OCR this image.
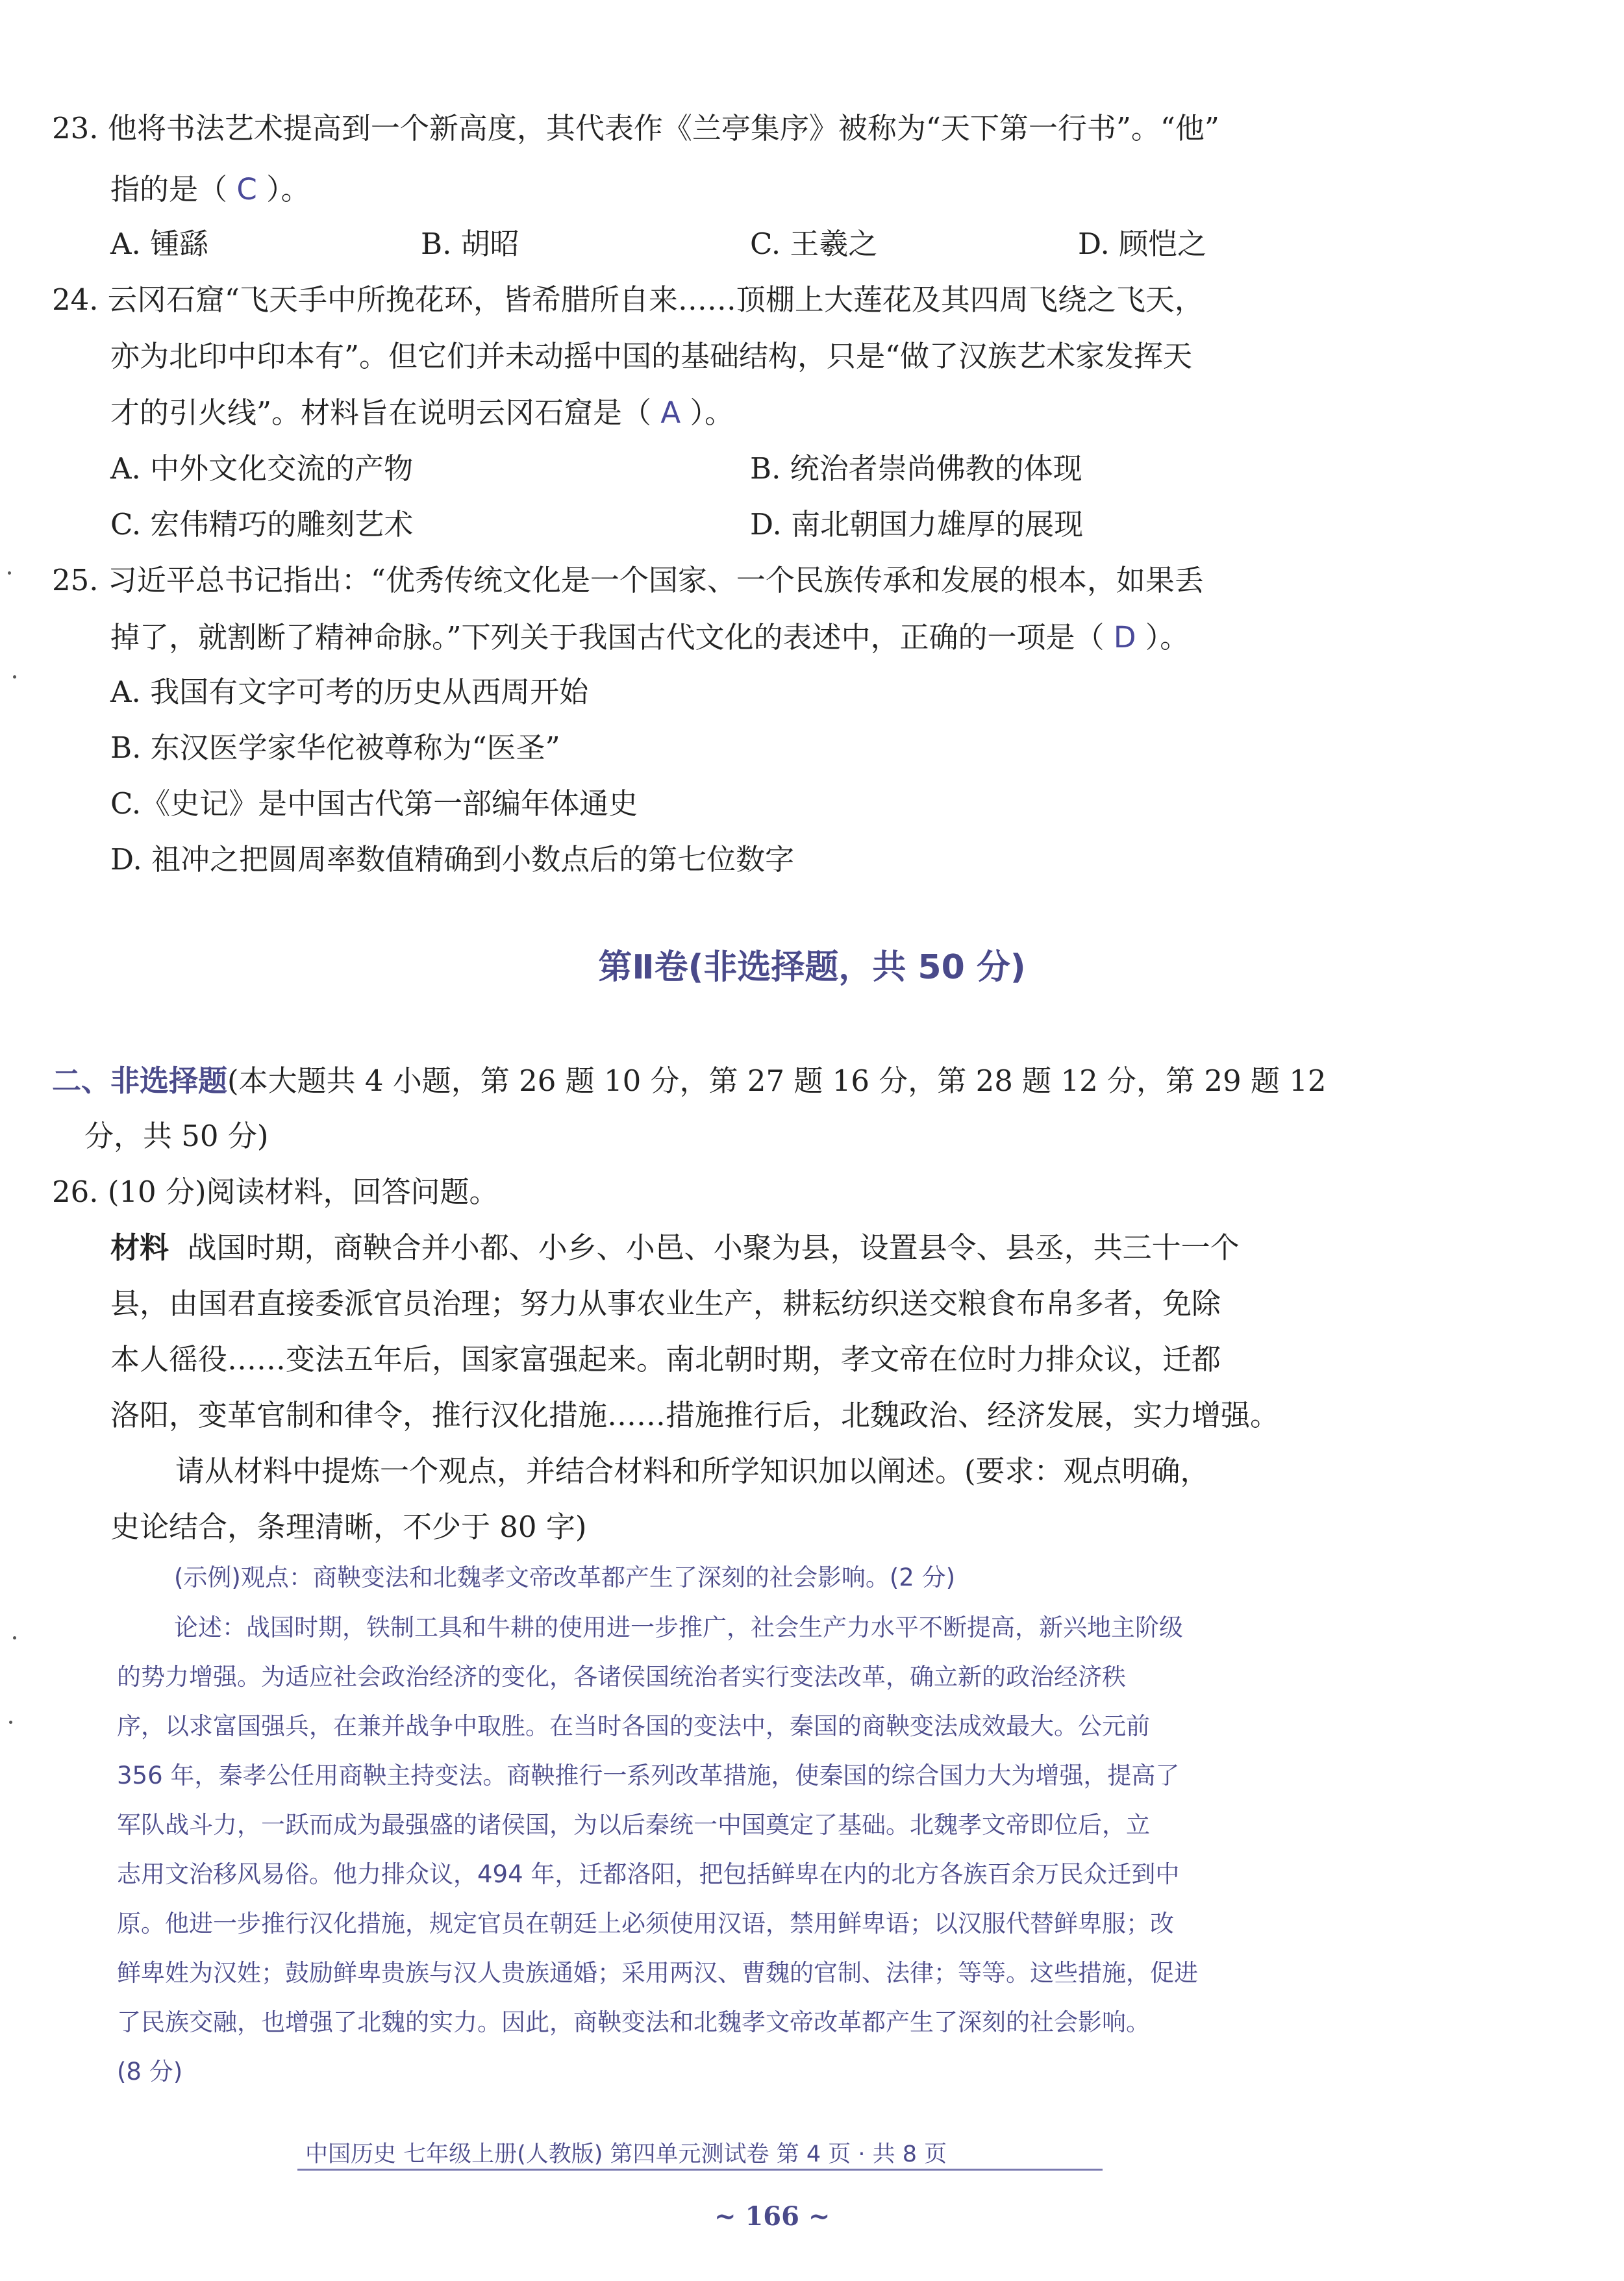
23. 他将书法艺术提高到一个新高度，其代表作《兰亭集序》被称为“天下第一行书”。“他”
指的是（ C ）。
A. 锺繇	B. 胡昭	C. 王羲之	D. 顾恺之
24. 云冈石窟“飞天手中所挽花环，皆希腊所自来……顶棚上大莲花及其四周飞绕之飞天，
亦为北印中印本有”。但它们并未动摇中国的基础结构，只是“做了汉族艺术家发挥天
才的引火线”。材料旨在说明云冈石窟是（ A ）。
A. 中外文化交流的产物	B. 统治者崇尚佛教的体现
C. 宏伟精巧的雕刻艺术	D. 南北朝国力雄厚的展现
25. 习近平总书记指出：“优秀传统文化是一个国家、一个民族传承和发展的根本，如果丢
掉了，就割断了精神命脉。”下列关于我国古代文化的表述中，正确的一项是（ D ）。
A. 我国有文字可考的历史从西周开始
B. 东汉医学家华佗被尊称为“医圣”
C.《史记》是中国古代第一部编年体通史
D. 祖冲之把圆周率数值精确到小数点后的第七位数字
第Ⅱ卷(非选择题，共 50 分)
二、非选择题(本大题共 4 小题，第 26 题 10 分，第 27 题 16 分，第 28 题 12 分，第 29 题 12
分，共 50 分)
26. (10 分)阅读材料，回答问题。
材料 战国时期，商鞅合并小都、小乡、小邑、小聚为县，设置县令、县丞，共三十一个
县，由国君直接委派官员治理；努力从事农业生产，耕耘纺织送交粮食布帛多者，免除
本人徭役……变法五年后，国家富强起来。南北朝时期，孝文帝在位时力排众议，迁都
洛阳，变革官制和律令，推行汉化措施……措施推行后，北魏政治、经济发展，实力增强。
请从材料中提炼一个观点，并结合材料和所学知识加以阐述。(要求：观点明确，
史论结合，条理清晰，不少于 80 字)
(示例)观点：商鞅变法和北魏孝文帝改革都产生了深刻的社会影响。(2 分)
论述：战国时期，铁制工具和牛耕的使用进一步推广，社会生产力水平不断提高，新兴地主阶级
的势力增强。为适应社会政治经济的变化，各诸侯国统治者实行变法改革，确立新的政治经济秩
序，以求富国强兵，在兼并战争中取胜。在当时各国的变法中，秦国的商鞅变法成效最大。公元前
356 年，秦孝公任用商鞅主持变法。商鞅推行一系列改革措施，使秦国的综合国力大为增强，提高了
军队战斗力，一跃而成为最强盛的诸侯国，为以后秦统一中国奠定了基础。北魏孝文帝即位后，立
志用文治移风易俗。他力排众议，494 年，迁都洛阳，把包括鲜卑在内的北方各族百余万民众迁到中
原。他进一步推行汉化措施，规定官员在朝廷上必须使用汉语，禁用鲜卑语；以汉服代替鲜卑服；改
鲜卑姓为汉姓；鼓励鲜卑贵族与汉人贵族通婚；采用两汉、曹魏的官制、法律；等等。这些措施，促进
了民族交融，也增强了北魏的实力。因此，商鞅变法和北魏孝文帝改革都产生了深刻的社会影响。
(8 分)
中国历史 七年级上册(人教版) 第四单元测试卷 第 4 页 · 共 8 页
~ 166 ~
